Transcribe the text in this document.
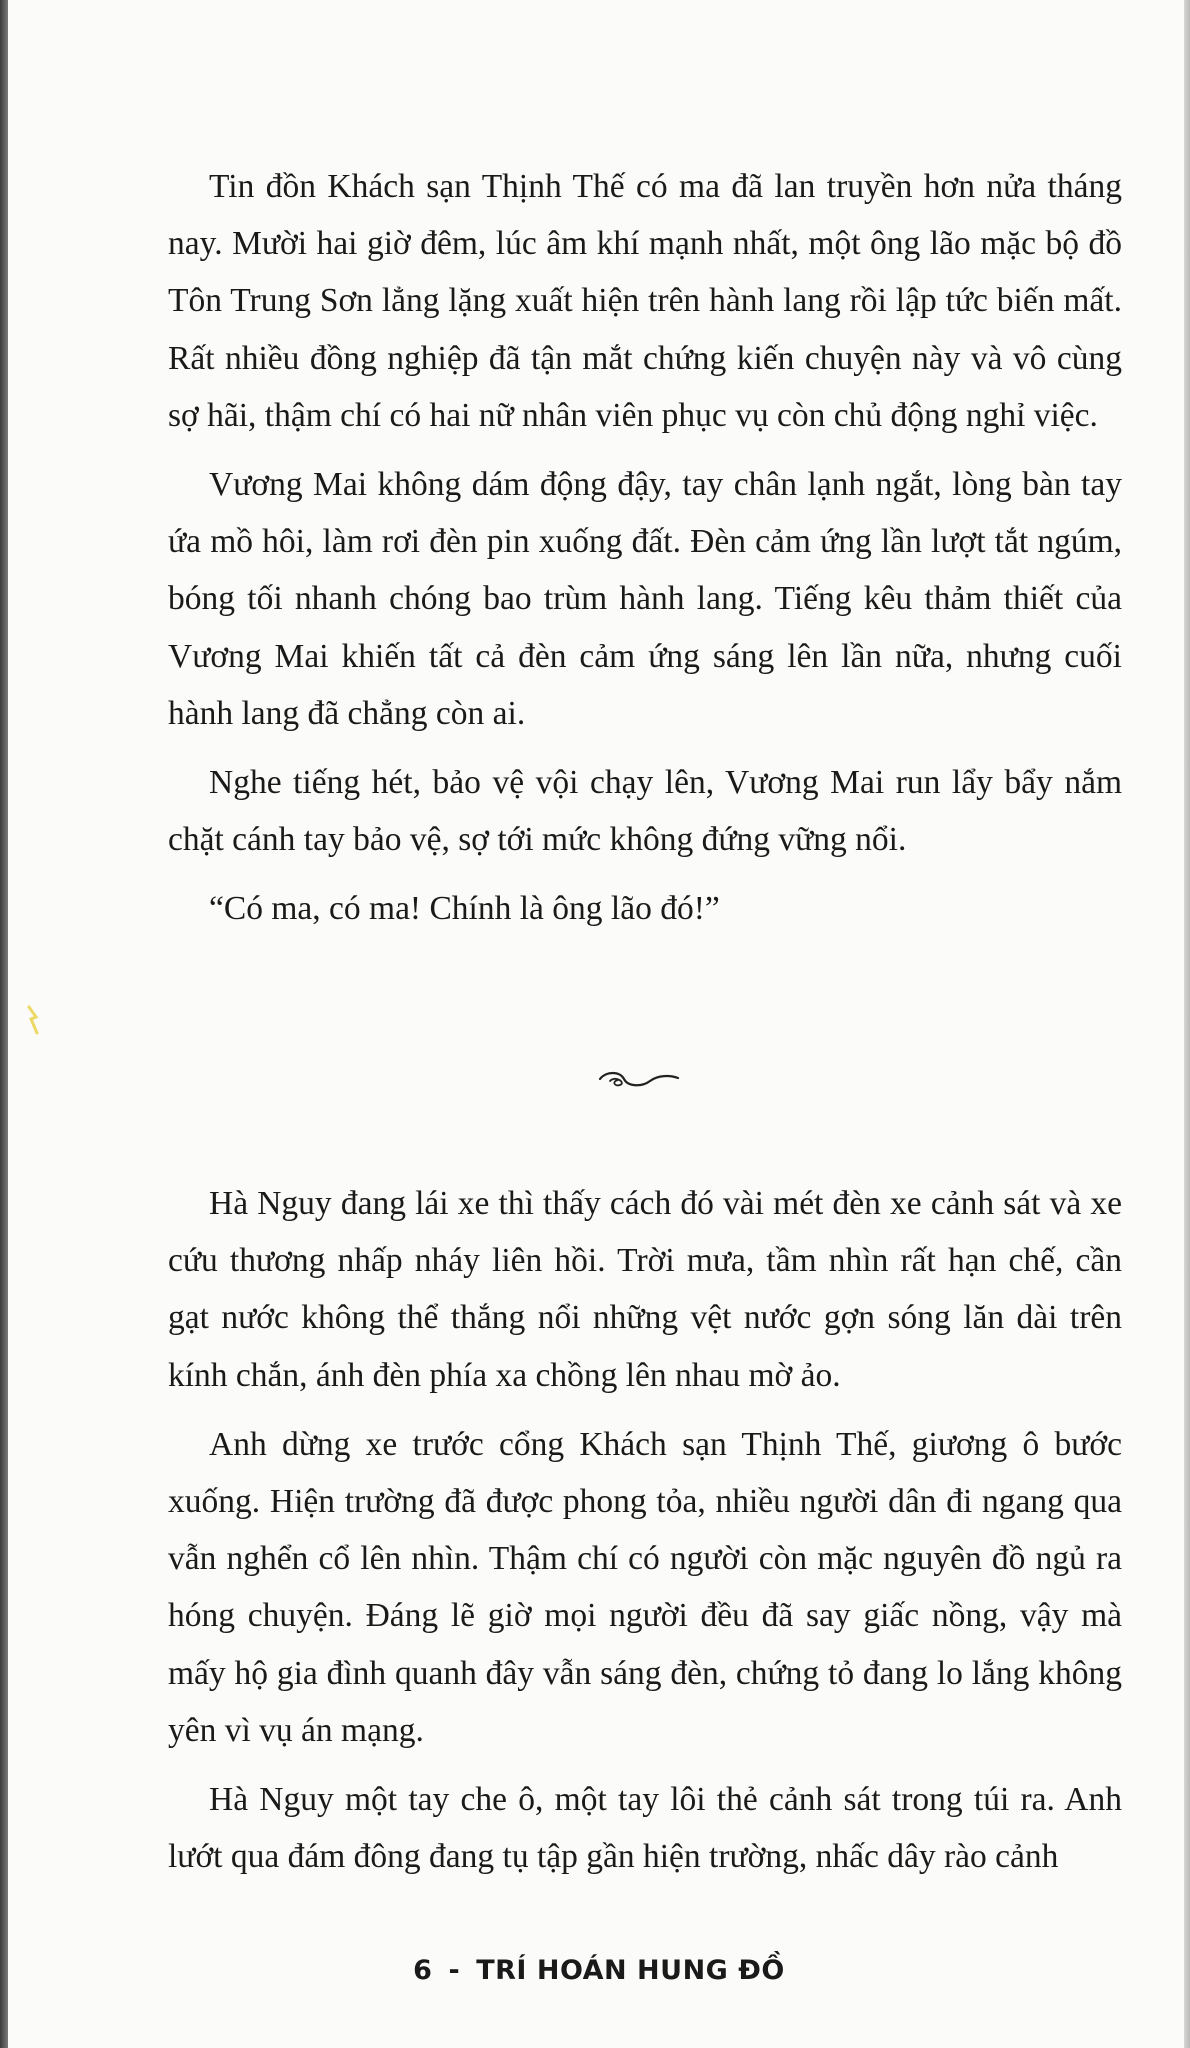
Tin đồn Khách sạn Thịnh Thế có ma đã lan truyền hơn nửa tháng nay. Mười hai giờ đêm, lúc âm khí mạnh nhất, một ông lão mặc bộ đồ Tôn Trung Sơn lẳng lặng xuất hiện trên hành lang rồi lập tức biến mất. Rất nhiều đồng nghiệp đã tận mắt chứng kiến chuyện này và vô cùng sợ hãi, thậm chí có hai nữ nhân viên phục vụ còn chủ động nghỉ việc.

Vương Mai không dám động đậy, tay chân lạnh ngắt, lòng bàn tay ứa mồ hôi, làm rơi đèn pin xuống đất. Đèn cảm ứng lần lượt tắt ngúm, bóng tối nhanh chóng bao trùm hành lang. Tiếng kêu thảm thiết của Vương Mai khiến tất cả đèn cảm ứng sáng lên lần nữa, nhưng cuối hành lang đã chẳng còn ai.

Nghe tiếng hét, bảo vệ vội chạy lên, Vương Mai run lẩy bẩy nắm chặt cánh tay bảo vệ, sợ tới mức không đứng vững nổi.

“Có ma, có ma! Chính là ông lão đó!”

Hà Nguy đang lái xe thì thấy cách đó vài mét đèn xe cảnh sát và xe cứu thương nhấp nháy liên hồi. Trời mưa, tầm nhìn rất hạn chế, cần gạt nước không thể thắng nổi những vệt nước gợn sóng lăn dài trên kính chắn, ánh đèn phía xa chồng lên nhau mờ ảo.

Anh dừng xe trước cổng Khách sạn Thịnh Thế, giương ô bước xuống. Hiện trường đã được phong tỏa, nhiều người dân đi ngang qua vẫn nghển cổ lên nhìn. Thậm chí có người còn mặc nguyên đồ ngủ ra hóng chuyện. Đáng lẽ giờ mọi người đều đã say giấc nồng, vậy mà mấy hộ gia đình quanh đây vẫn sáng đèn, chứng tỏ đang lo lắng không yên vì vụ án mạng.

Hà Nguy một tay che ô, một tay lôi thẻ cảnh sát trong túi ra. Anh lướt qua đám đông đang tụ tập gần hiện trường, nhấc dây rào cảnh

6 - TRÍ HOÁN HUNG ĐỒ
